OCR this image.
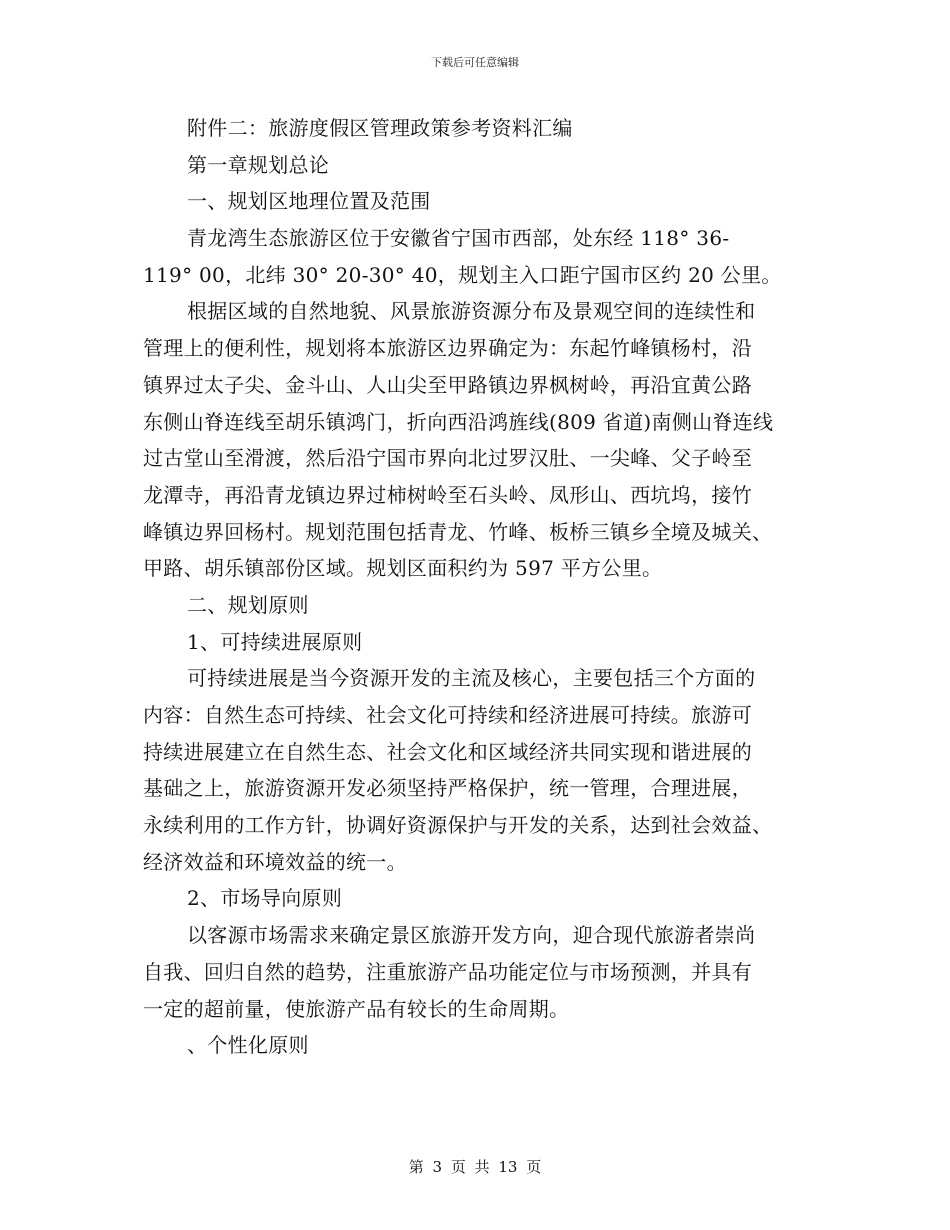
下载后可任意编辑
附件二：旅游度假区管理政策参考资料汇编
第一章规划总论
一、规划区地理位置及范围
青龙湾生态旅游区位于安徽省宁国市西部，处东经 118° 36-
119° 00，北纬 30° 20-30° 40，规划主入口距宁国市区约 20 公里。
根据区域的自然地貌、风景旅游资源分布及景观空间的连续性和
管理上的便利性，规划将本旅游区边界确定为：东起竹峰镇杨村，沿
镇界过太子尖、金斗山、人山尖至甲路镇边界枫树岭，再沿宜黄公路
东侧山脊连线至胡乐镇鸿门，折向西沿鸿旌线(809 省道)南侧山脊连线
过古堂山至滑渡，然后沿宁国市界向北过罗汉肚、一尖峰、父子岭至
龙潭寺，再沿青龙镇边界过柿树岭至石头岭、凤形山、西坑坞，接竹
峰镇边界回杨村。规划范围包括青龙、竹峰、板桥三镇乡全境及城关、
甲路、胡乐镇部份区域。规划区面积约为 597 平方公里。
二、规划原则
1、可持续进展原则
可持续进展是当今资源开发的主流及核心，主要包括三个方面的
内容：自然生态可持续、社会文化可持续和经济进展可持续。旅游可
持续进展建立在自然生态、社会文化和区域经济共同实现和谐进展的
基础之上，旅游资源开发必须坚持严格保护，统一管理，合理进展，
永续利用的工作方针，协调好资源保护与开发的关系，达到社会效益、
经济效益和环境效益的统一。
2、市场导向原则
以客源市场需求来确定景区旅游开发方向，迎合现代旅游者崇尚
自我、回归自然的趋势，注重旅游产品功能定位与市场预测，并具有
一定的超前量，使旅游产品有较长的生命周期。
、个性化原则
第 3 页 共 13 页
